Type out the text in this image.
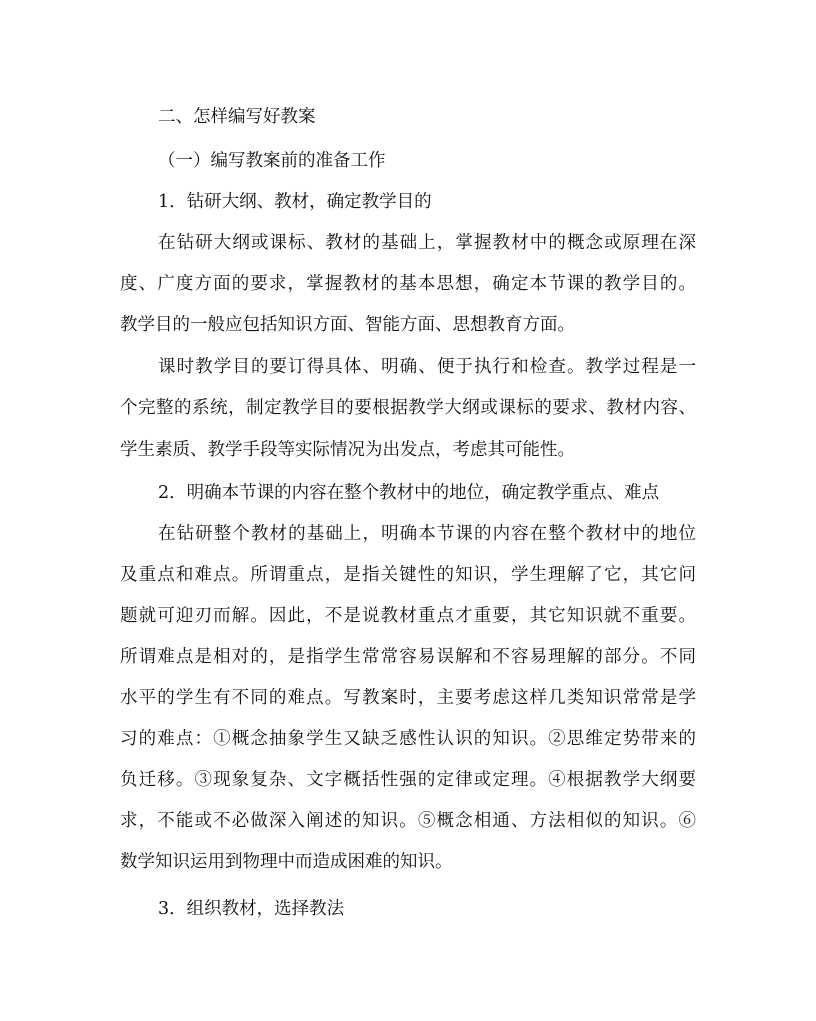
二、怎样编写好教案
（一）编写教案前的准备工作
1．钻研大纲、教材，确定教学目的
在钻研大纲或课标、教材的基础上，掌握教材中的概念或原理在深
度、广度方面的要求，掌握教材的基本思想，确定本节课的教学目的。
教学目的一般应包括知识方面、智能方面、思想教育方面。
课时教学目的要订得具体、明确、便于执行和检查。教学过程是一
个完整的系统，制定教学目的要根据教学大纲或课标的要求、教材内容、
学生素质、教学手段等实际情况为出发点，考虑其可能性。
2．明确本节课的内容在整个教材中的地位，确定教学重点、难点
在钻研整个教材的基础上，明确本节课的内容在整个教材中的地位
及重点和难点。所谓重点，是指关键性的知识，学生理解了它，其它问
题就可迎刃而解。因此，不是说教材重点才重要，其它知识就不重要。
所谓难点是相对的，是指学生常常容易误解和不容易理解的部分。不同
水平的学生有不同的难点。写教案时，主要考虑这样几类知识常常是学
习的难点：①概念抽象学生又缺乏感性认识的知识。②思维定势带来的
负迁移。③现象复杂、文字概括性强的定律或定理。④根据教学大纲要
求，不能或不必做深入阐述的知识。⑤概念相通、方法相似的知识。⑥
数学知识运用到物理中而造成困难的知识。
3．组织教材，选择教法
